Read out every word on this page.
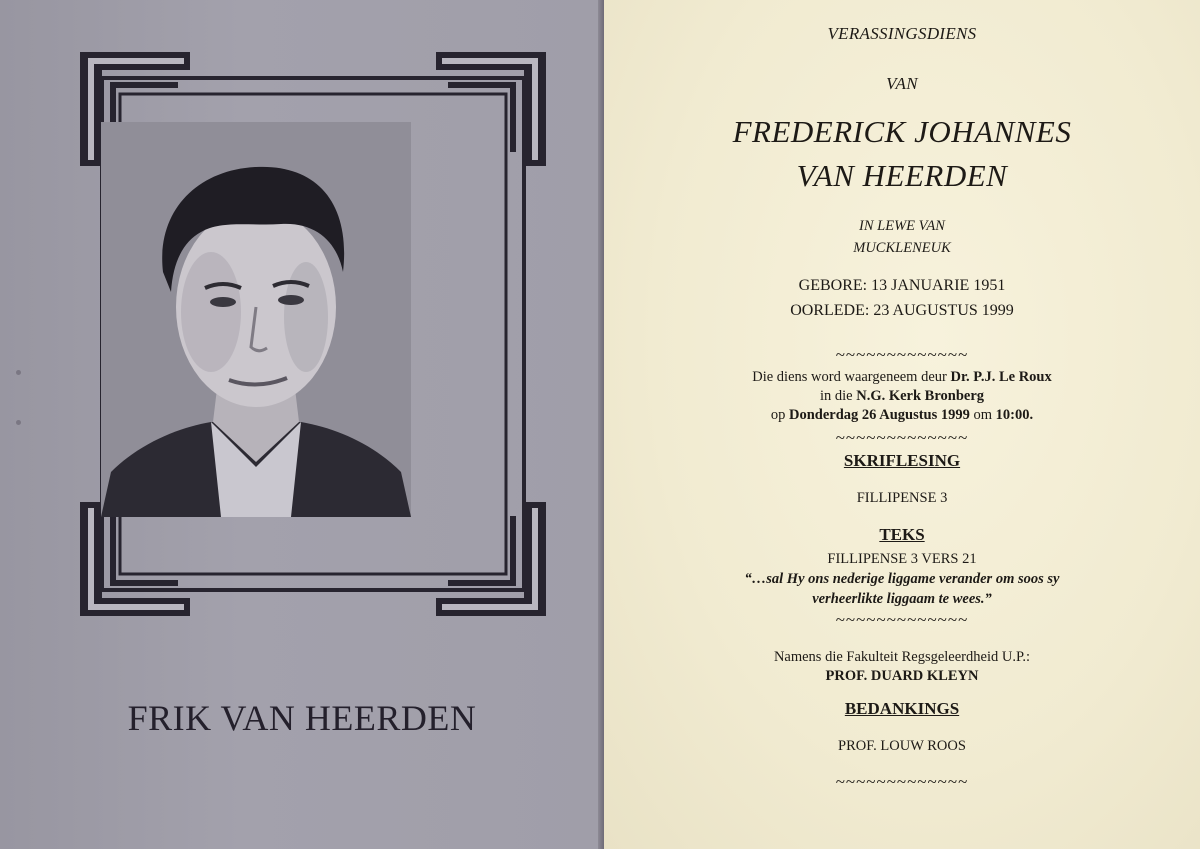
FRIK VAN HEERDEN
VERASSINGSDIENS
VAN
FREDERICK JOHANNES
VAN HEERDEN
IN LEWE VAN
MUCKLENEUK
GEBORE: 13 JANUARIE 1951
OORLEDE: 23 AUGUSTUS 1999
~~~~~~~~~~~~~
Die diens word waargeneem deur Dr. P.J. Le Roux
in die N.G. Kerk Bronberg
op Donderdag 26 Augustus 1999 om 10:00.
~~~~~~~~~~~~~
SKRIFLESING
FILLIPENSE 3
TEKS
FILLIPENSE 3 VERS 21
“…sal Hy ons nederige liggame verander om soos sy
verheerlikte liggaam te wees.”
~~~~~~~~~~~~~
Namens die Fakulteit Regsgeleerdheid U.P.:
PROF. DUARD KLEYN
BEDANKINGS
PROF. LOUW ROOS
~~~~~~~~~~~~~
